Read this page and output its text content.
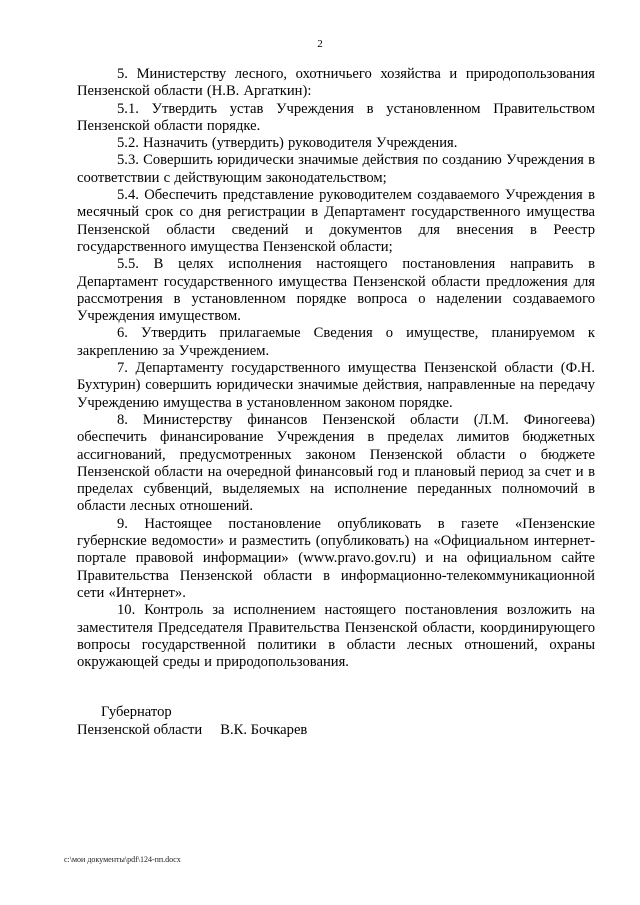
2

5. Министерству лесного, охотничьего хозяйства и природопользования Пензенской области (Н.В. Аргаткин):

5.1. Утвердить устав Учреждения в установленном Правительством Пензенской области порядке.

5.2. Назначить (утвердить) руководителя Учреждения.

5.3. Совершить юридически значимые действия по созданию Учреждения в соответствии с действующим законодательством;

5.4. Обеспечить представление руководителем создаваемого Учреждения в месячный срок со дня регистрации в Департамент государственного имущества Пензенской области сведений и документов для внесения в Реестр государственного имущества Пензенской области;

5.5. В целях исполнения настоящего постановления направить в Департамент государственного имущества Пензенской области предложения для рассмотрения в установленном порядке вопроса о наделении создаваемого Учреждения имуществом.

6. Утвердить прилагаемые Сведения о имуществе, планируемом к закреплению за Учреждением.

7. Департаменту государственного имущества Пензенской области (Ф.Н. Бухтурин) совершить юридически значимые действия, направленные на передачу Учреждению имущества в установленном законом порядке.

8. Министерству финансов Пензенской области (Л.М. Финогеева) обеспечить финансирование Учреждения в пределах лимитов бюджетных ассигнований, предусмотренных законом Пензенской области о бюджете Пензенской области на очередной финансовый год и плановый период за счет и в пределах субвенций, выделяемых на исполнение переданных полномочий в области лесных отношений.

9. Настоящее постановление опубликовать в газете «Пензенские губернские ведомости» и разместить (опубликовать) на «Официальном интернет-портале правовой информации» (www.pravo.gov.ru) и на официальном сайте Правительства Пензенской области в информационно-телекоммуникационной сети «Интернет».

10. Контроль за исполнением настоящего постановления возложить на заместителя Председателя Правительства Пензенской области, координирующего вопросы государственной политики в области лесных отношений, охраны окружающей среды и природопользования.

Губернатор
Пензенской области В.К. Бочкарев
c:\мои документы\pdf\124-пп.docx
